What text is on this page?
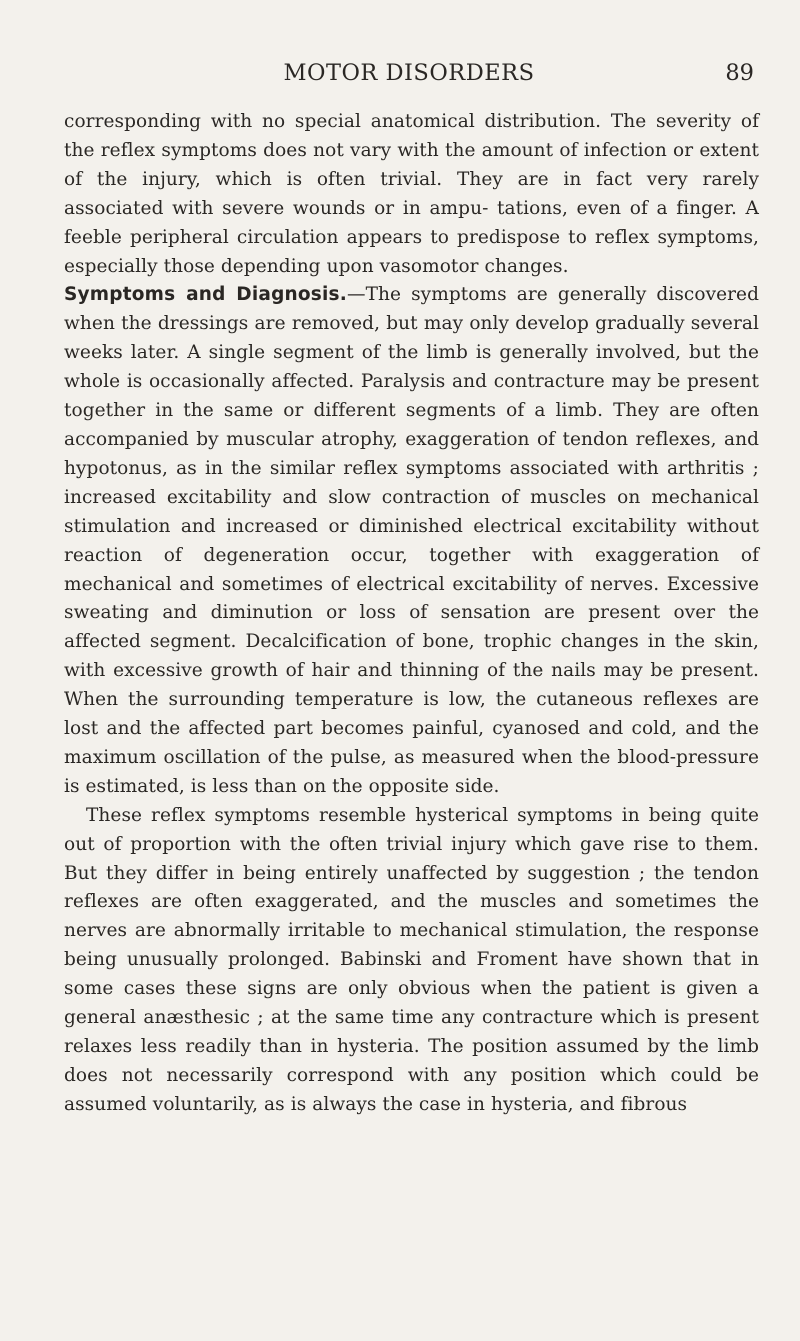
MOTOR DISORDERS	89

corresponding with no special anatomical distribution. The severity of the reflex symptoms does not vary with the amount of infection or extent of the injury, which is often trivial. They are in fact very rarely associated with severe wounds or in ampu- tations, even of a finger. A feeble peripheral circulation appears to predispose to reflex symptoms, especially those depending upon vasomotor changes.

Symptoms and Diagnosis.—The symptoms are generally discovered when the dressings are removed, but may only develop gradually several weeks later. A single segment of the limb is generally involved, but the whole is occasionally affected. Paralysis and contracture may be present together in the same or different segments of a limb. They are often accompanied by muscular atrophy, exaggeration of tendon reflexes, and hypotonus, as in the similar reflex symptoms associated with arthritis ; increased excitability and slow contraction of muscles on mechanical stimulation and increased or diminished electrical excitability without reaction of degeneration occur, together with exaggeration of mechanical and sometimes of electrical excitability of nerves. Excessive sweating and diminution or loss of sensation are present over the affected segment. Decalcification of bone, trophic changes in the skin, with excessive growth of hair and thinning of the nails may be present. When the surrounding temperature is low, the cutaneous reflexes are lost and the affected part becomes painful, cyanosed and cold, and the maximum oscillation of the pulse, as measured when the blood-pressure is estimated, is less than on the opposite side.

These reflex symptoms resemble hysterical symptoms in being quite out of proportion with the often trivial injury which gave rise to them. But they differ in being entirely unaffected by suggestion ; the tendon reflexes are often exaggerated, and the muscles and sometimes the nerves are abnormally irritable to mechanical stimulation, the response being unusually prolonged. Babinski and Froment have shown that in some cases these signs are only obvious when the patient is given a general anæsthesic ; at the same time any contracture which is present relaxes less readily than in hysteria. The position assumed by the limb does not necessarily correspond with any position which could be assumed voluntarily, as is always the case in hysteria, and fibrous
